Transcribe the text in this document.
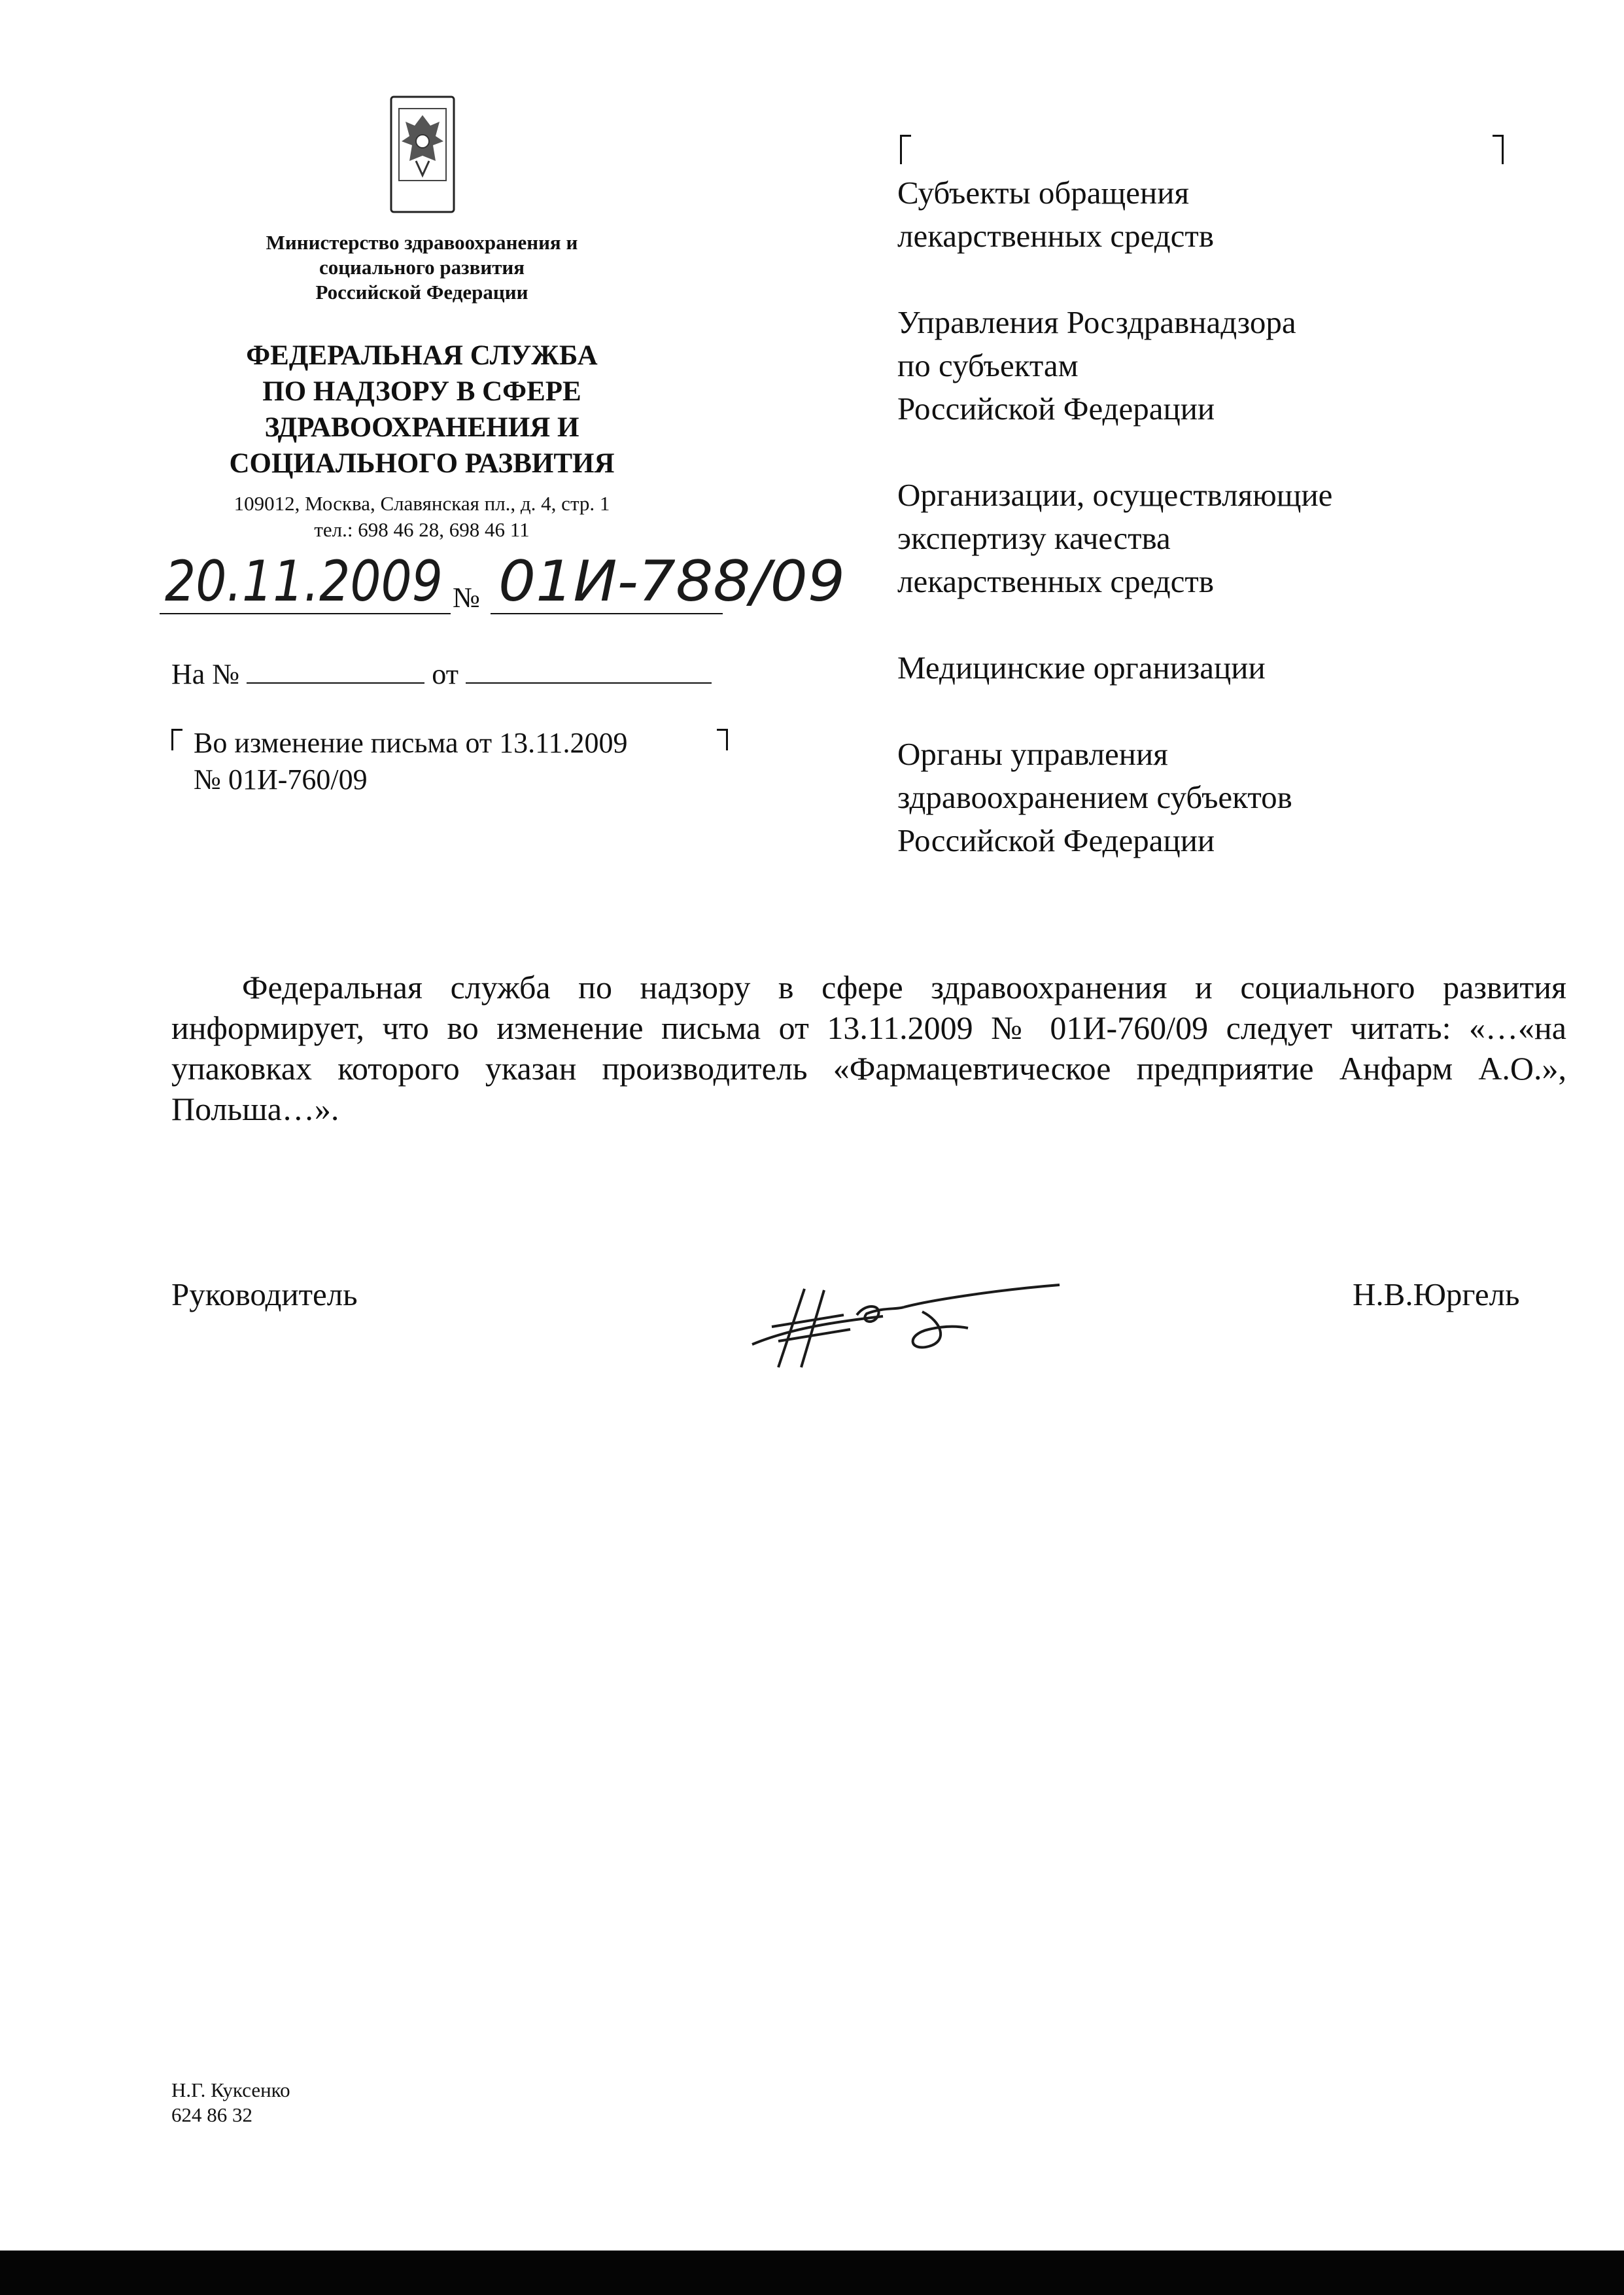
Министерство здравоохранения и
социального развития
Российской Федерации
ФЕДЕРАЛЬНАЯ СЛУЖБА
ПО НАДЗОРУ В СФЕРЕ
ЗДРАВООХРАНЕНИЯ И
СОЦИАЛЬНОГО РАЗВИТИЯ
109012, Москва, Славянская пл., д. 4, стр. 1
тел.: 698 46 28, 698 46 11
20.11.2009 № 01И-788/09
На №	от
Во изменение письма от 13.11.2009
№ 01И-760/09
Субъекты обращения
лекарственных средств
Управления Росздравнадзора
по субъектам
Российской Федерации
Организации, осуществляющие
экспертизу качества
лекарственных средств
Медицинские организации
Органы управления
здравоохранением субъектов
Российской Федерации
Федеральная служба по надзору в сфере здравоохранения и социального развития информирует, что во изменение письма от 13.11.2009 № 01И-760/09 следует читать: «…«на упаковках которого указан производитель «Фармацевтическое предприятие Анфарм А.О.», Польша…».
Руководитель	Н.В.Юргель
Н.Г. Куксенко
624 86 32
